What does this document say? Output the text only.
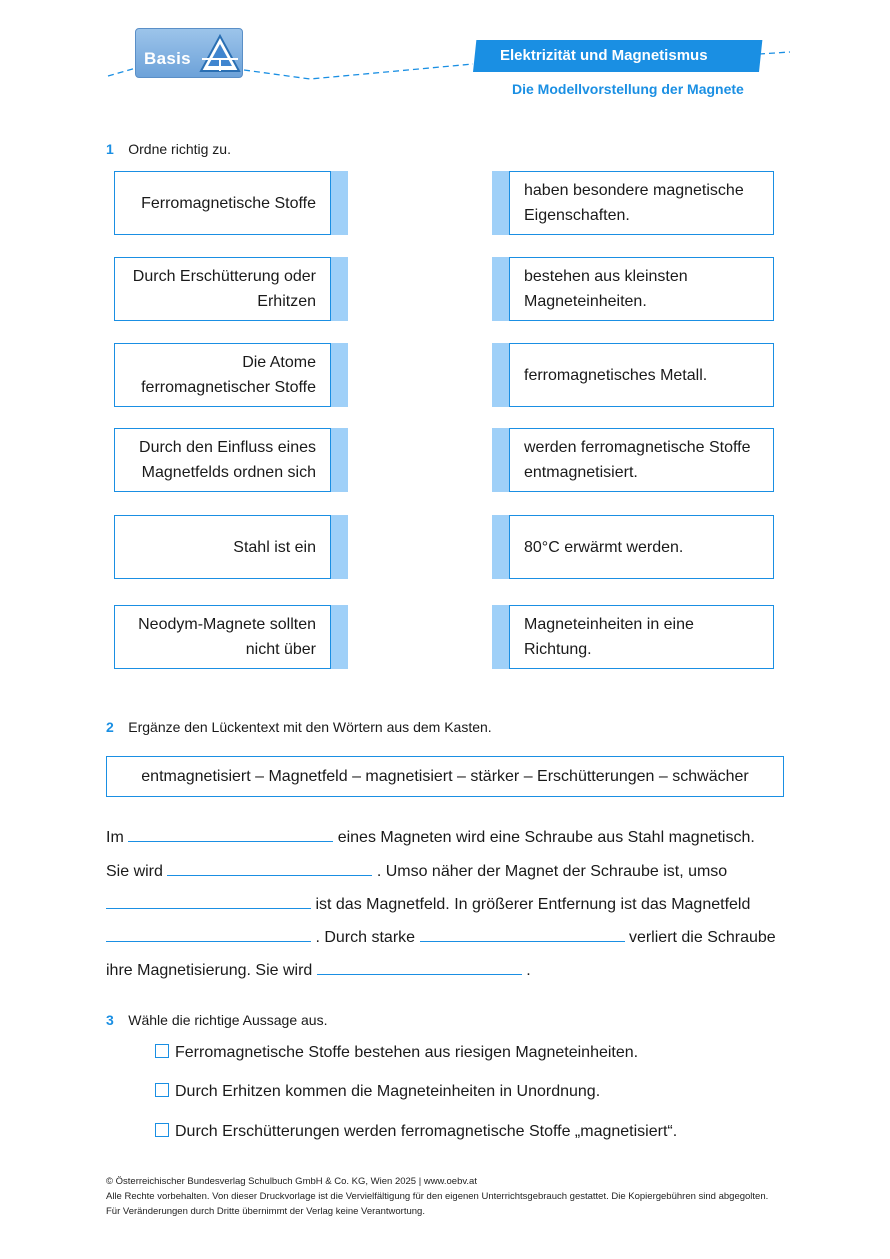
Basis	Elektrizität und Magnetismus
Die Modellvorstellung der Magnete
1 Ordne richtig zu.
Ferromagnetische Stoffe
Durch Erschütterung oder
Erhitzen
Die Atome
ferromagnetischer Stoffe
Durch den Einfluss eines
Magnetfelds ordnen sich
Stahl ist ein
Neodym-Magnete sollten
nicht über
haben besondere magnetische
Eigenschaften.
bestehen aus kleinsten
Magneteinheiten.
ferromagnetisches Metall.
werden ferromagnetische Stoffe
entmagnetisiert.
80°C erwärmt werden.
Magneteinheiten in eine
Richtung.
2 Ergänze den Lückentext mit den Wörtern aus dem Kasten.
entmagnetisiert – Magnetfeld – magnetisiert – stärker – Erschütterungen – schwächer
Im	eines Magneten wird eine Schraube aus Stahl magnetisch.
Sie wird	. Umso näher der Magnet der Schraube ist, umso
ist das Magnetfeld. In größerer Entfernung ist das Magnetfeld
. Durch starke	verliert die Schraube
ihre Magnetisierung. Sie wird	.
3 Wähle die richtige Aussage aus.
Ferromagnetische Stoffe bestehen aus riesigen Magneteinheiten.
Durch Erhitzen kommen die Magneteinheiten in Unordnung.
Durch Erschütterungen werden ferromagnetische Stoffe „magnetisiert“.
© Österreichischer Bundesverlag Schulbuch GmbH & Co. KG, Wien 2025 | www.oebv.at
Alle Rechte vorbehalten. Von dieser Druckvorlage ist die Vervielfältigung für den eigenen Unterrichtsgebrauch gestattet. Die Kopiergebühren sind abgegolten.
Für Veränderungen durch Dritte übernimmt der Verlag keine Verantwortung.
